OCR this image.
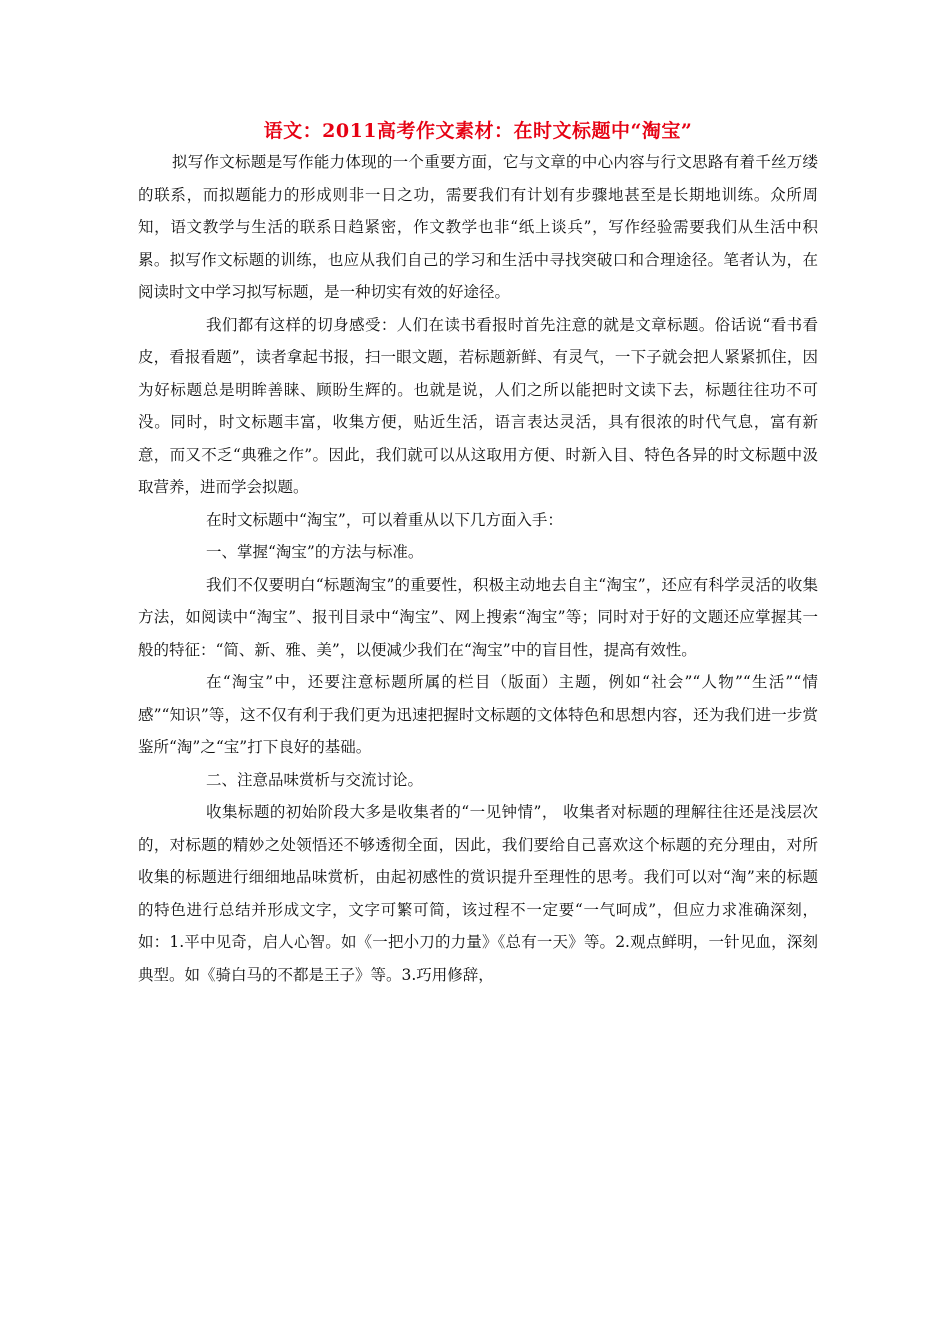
语文：2011高考作文素材：在时文标题中“淘宝”

拟写作文标题是写作能力体现的一个重要方面，它与文章的中心内容与行文思路有着千丝万缕的联系，而拟题能力的形成则非一日之功，需要我们有计划有步骤地甚至是长期地训练。众所周知，语文教学与生活的联系日趋紧密，作文教学也非“纸上谈兵”，写作经验需要我们从生活中积累。拟写作文标题的训练，也应从我们自己的学习和生活中寻找突破口和合理途径。笔者认为，在阅读时文中学习拟写标题，是一种切实有效的好途径。

我们都有这样的切身感受：人们在读书看报时首先注意的就是文章标题。俗话说“看书看皮，看报看题”，读者拿起书报，扫一眼文题，若标题新鲜、有灵气，一下子就会把人紧紧抓住，因为好标题总是明眸善睐、顾盼生辉的。也就是说，人们之所以能把时文读下去，标题往往功不可没。同时，时文标题丰富，收集方便，贴近生活，语言表达灵活，具有很浓的时代气息，富有新意，而又不乏“典雅之作”。因此，我们就可以从这取用方便、时新入目、特色各异的时文标题中汲取营养，进而学会拟题。

在时文标题中“淘宝”，可以着重从以下几方面入手：

一、掌握“淘宝”的方法与标准。

我们不仅要明白“标题淘宝”的重要性，积极主动地去自主“淘宝”，还应有科学灵活的收集方法，如阅读中“淘宝”、报刊目录中“淘宝”、网上搜索“淘宝”等；同时对于好的文题还应掌握其一般的特征：“简、新、雅、美”，以便减少我们在“淘宝”中的盲目性，提高有效性。

在“淘宝”中，还要注意标题所属的栏目（版面）主题，例如“社会”“人物”“生活”“情感”“知识”等，这不仅有利于我们更为迅速把握时文标题的文体特色和思想内容，还为我们进一步赏鉴所“淘”之“宝”打下良好的基础。

二、注意品味赏析与交流讨论。

收集标题的初始阶段大多是收集者的“一见钟情”， 收集者对标题的理解往往还是浅层次的，对标题的精妙之处领悟还不够透彻全面，因此，我们要给自己喜欢这个标题的充分理由，对所收集的标题进行细细地品味赏析，由起初感性的赏识提升至理性的思考。我们可以对“淘”来的标题的特色进行总结并形成文字，文字可繁可简，该过程不一定要“一气呵成”，但应力求准确深刻，如：1.平中见奇，启人心智。如《一把小刀的力量》《总有一天》等。2.观点鲜明，一针见血，深刻典型。如《骑白马的不都是王子》等。3.巧用修辞，
